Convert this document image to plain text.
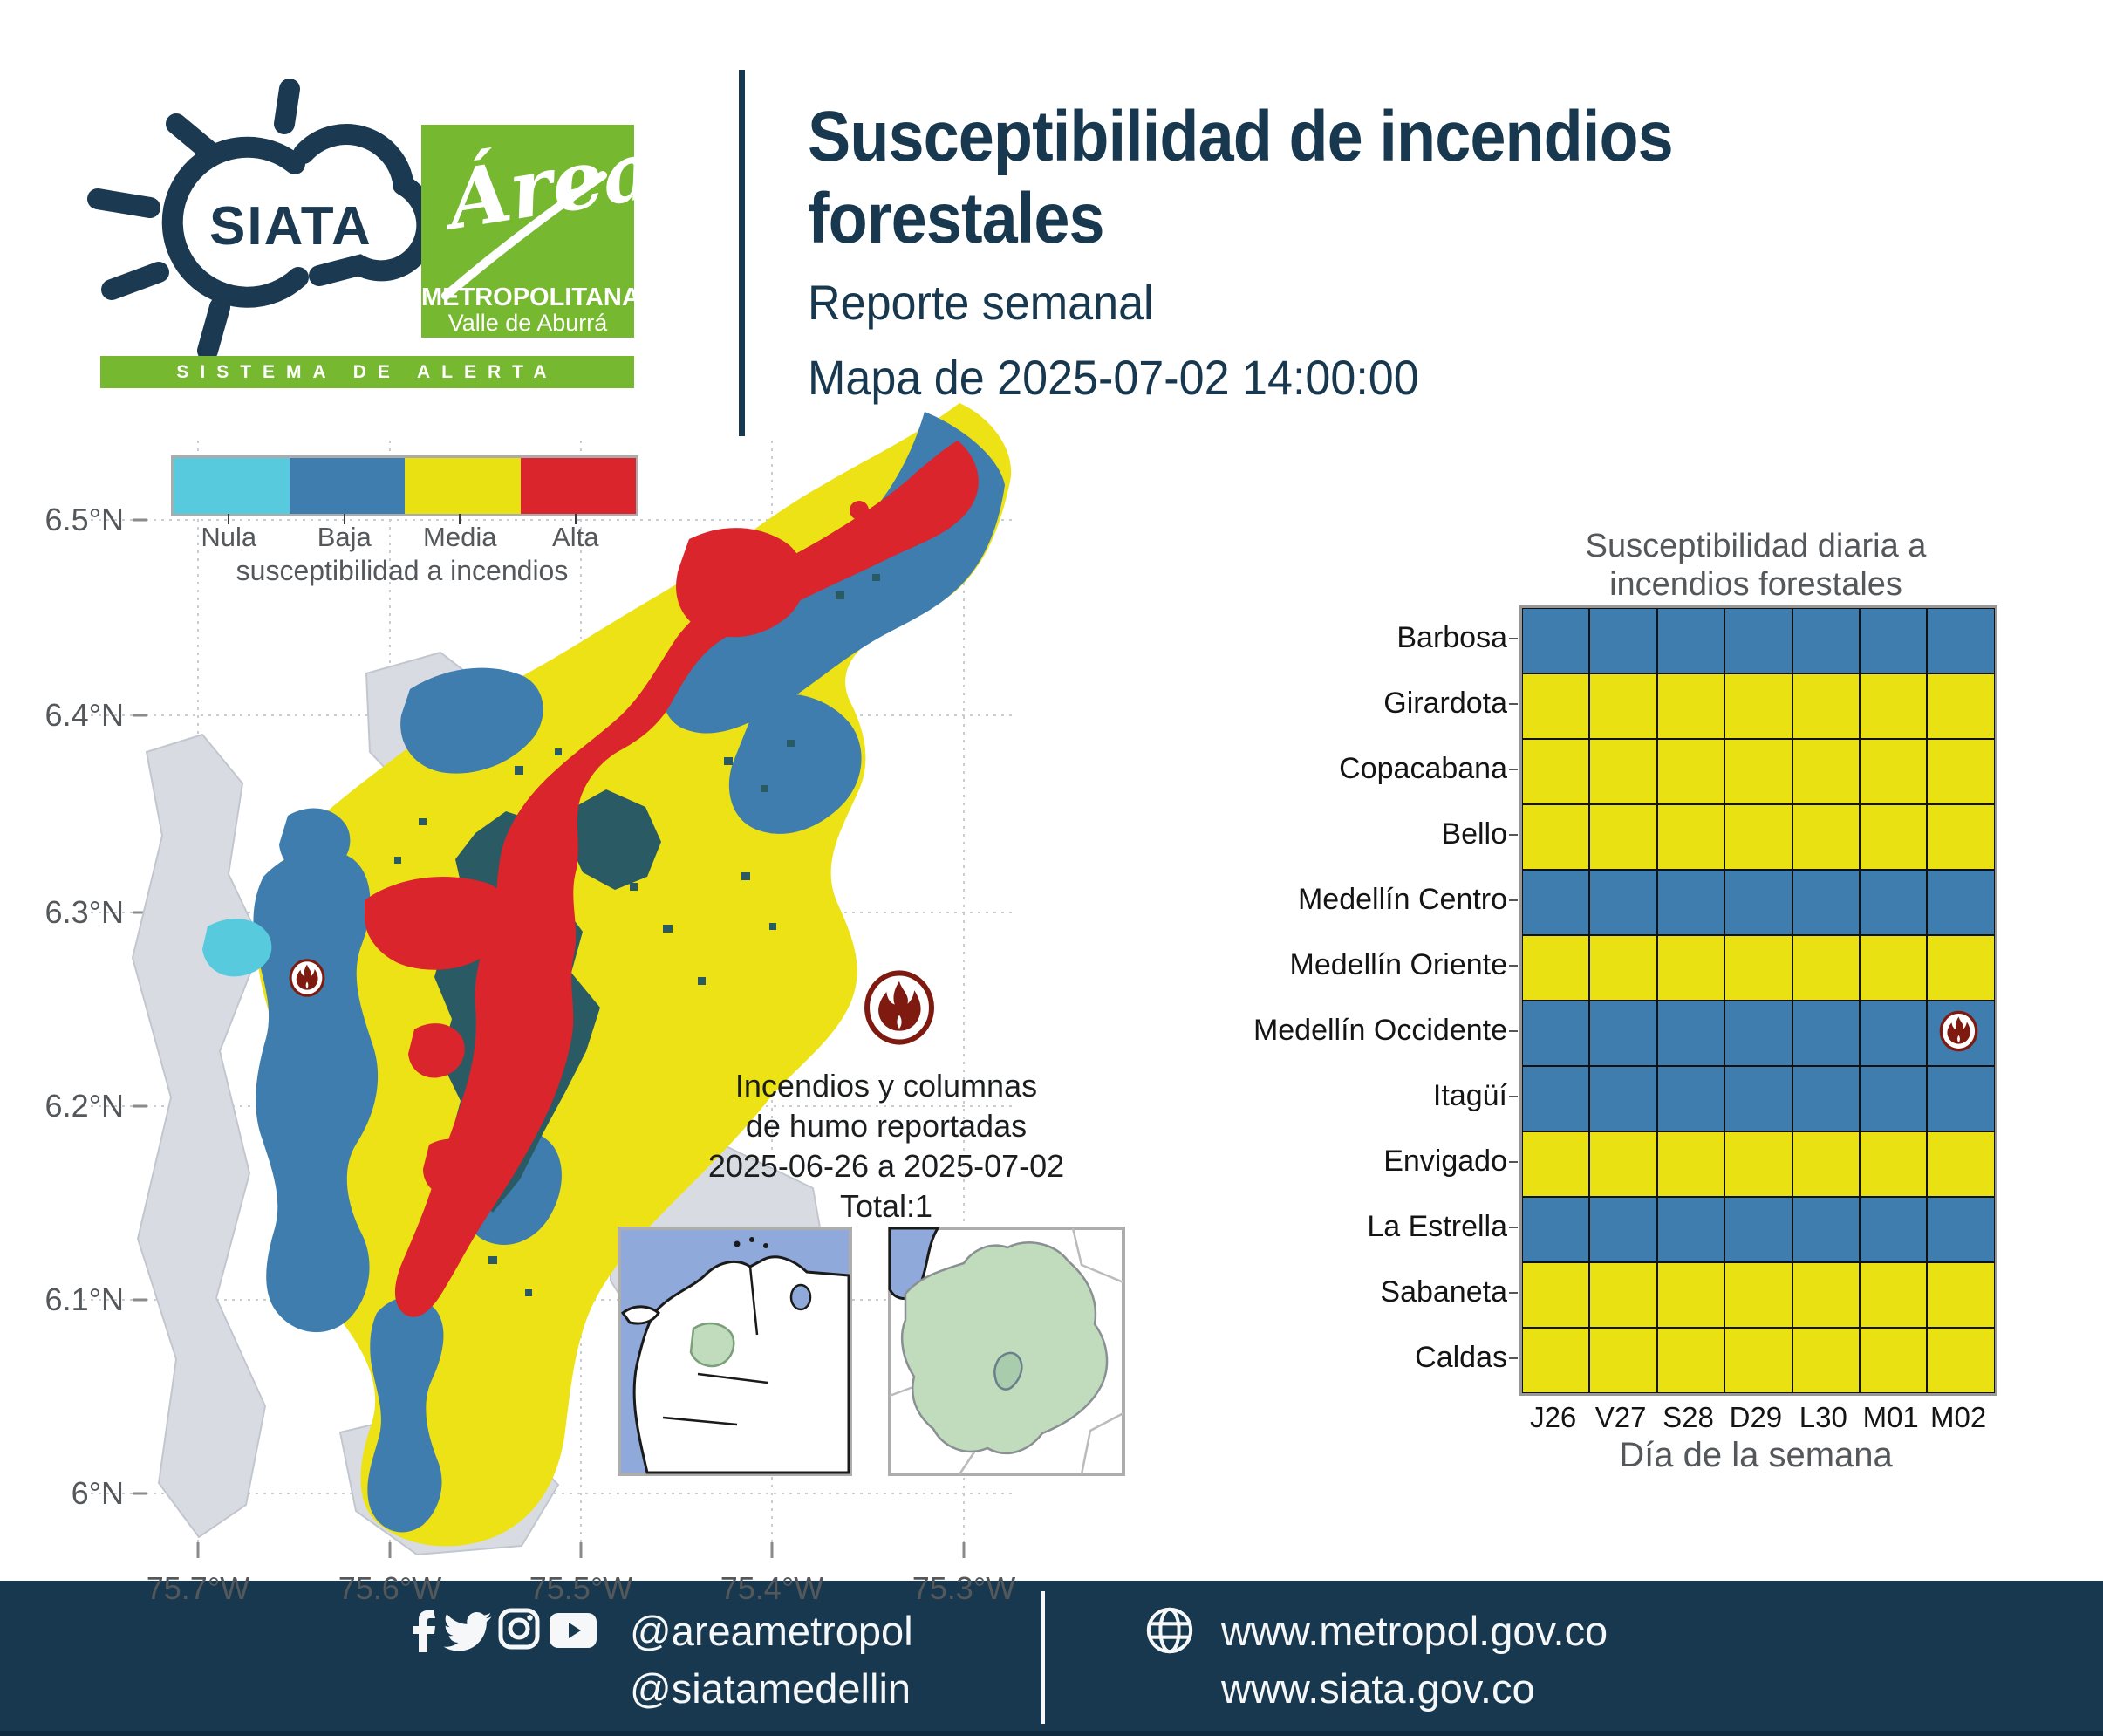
SIATA Área
METROPOLITANA
Valle de Aburrá
SISTEMA DE ALERTA TEMPRANA
Susceptibilidad de incendios
forestales
Reporte semanal
Mapa de 2025-07-02 14:00:00
Nula	Baja	Media	Alta
susceptibilidad a incendios
Incendios y columnas
de humo reportadas
2025-06-26 a 2025-07-02
Total:1
Susceptibilidad diaria a
incendios forestales
Día de la semana
@areametropol
@siatamedellin
www.metropol.gov.co
www.siata.gov.co
6.5°N
6.4°N
6.3°N
6.2°N
6.1°N
6°N
75.7°W	75.6°W	75.5°W	75.4°W	75.3°W
Barbosa
Girardota
Copacabana
Bello
Medellín Centro
Medellín Oriente
Medellín Occidente
Itagüí
Envigado
La Estrella
Sabaneta
Caldas
J26 V27 S28 D29 L30 M01 M02
